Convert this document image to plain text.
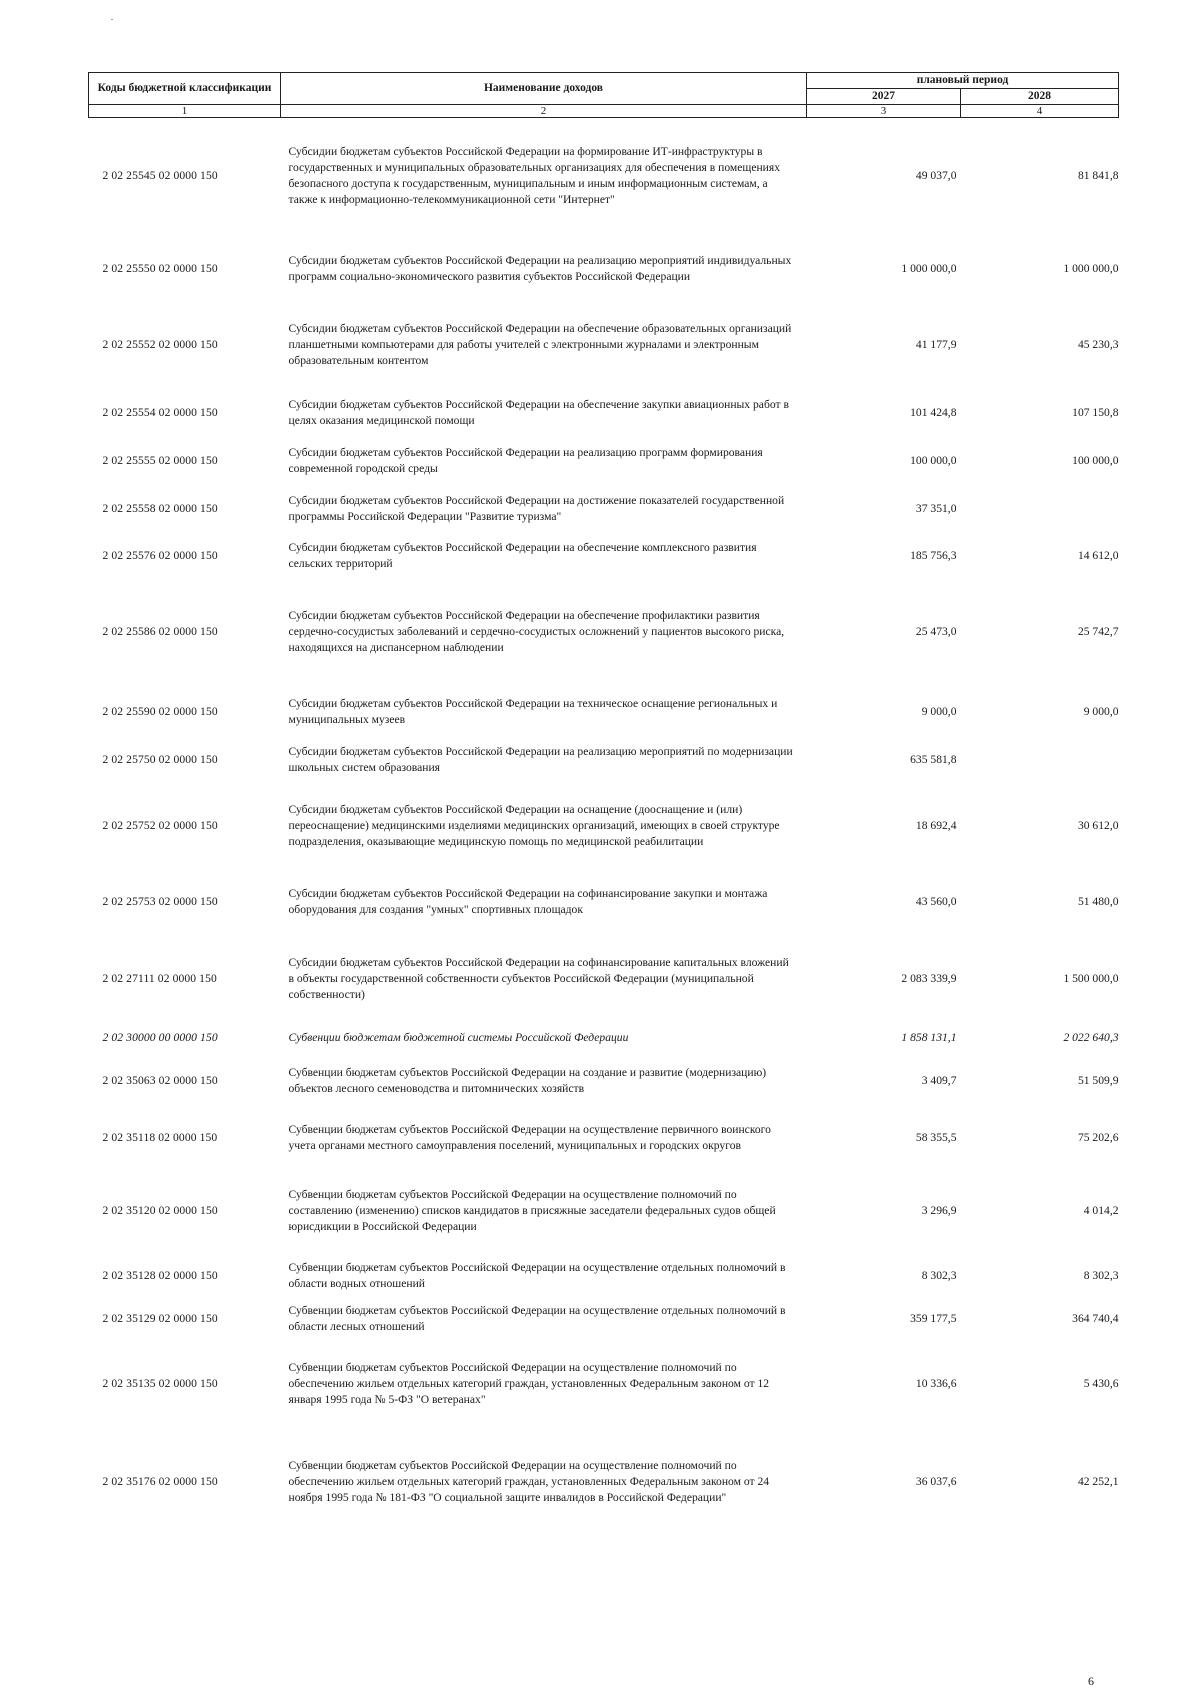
Коды бюджетной классификации	Наименование доходов	плановый период	
		2027	2028
1	2	3	4
2 02 25545 02 0000 150	Субсидии бюджетам субъектов Российской Федерации на формирование ИТ-инфраструктуры в государственных и муниципальных образовательных организациях для обеспечения в помещениях безопасного доступа к государственным, муниципальным и иным информационным системам, а также к информационно-телекоммуникационной сети "Интернет"	49 037,0	81 841,8
2 02 25550 02 0000 150	Субсидии бюджетам субъектов Российской Федерации на реализацию мероприятий индивидуальных программ социально-экономического развития субъектов Российской Федерации	1 000 000,0	1 000 000,0
2 02 25552 02 0000 150	Субсидии бюджетам субъектов Российской Федерации на обеспечение образовательных организаций планшетными компьютерами для работы учителей с электронными журналами и электронным образовательным контентом	41 177,9	45 230,3
2 02 25554 02 0000 150	Субсидии бюджетам субъектов Российской Федерации на обеспечение закупки авиационных работ в целях оказания медицинской помощи	101 424,8	107 150,8
2 02 25555 02 0000 150	Субсидии бюджетам субъектов Российской Федерации на реализацию программ формирования современной городской среды	100 000,0	100 000,0
2 02 25558 02 0000 150	Субсидии бюджетам субъектов Российской Федерации на достижение показателей государственной программы Российской Федерации "Развитие туризма"	37 351,0	
2 02 25576 02 0000 150	Субсидии бюджетам субъектов Российской Федерации на обеспечение комплексного развития сельских территорий	185 756,3	14 612,0
2 02 25586 02 0000 150	Субсидии бюджетам субъектов Российской Федерации на обеспечение профилактики развития сердечно-сосудистых заболеваний и сердечно-сосудистых осложнений у пациентов высокого риска, находящихся на диспансерном наблюдении	25 473,0	25 742,7
2 02 25590 02 0000 150	Субсидии бюджетам субъектов Российской Федерации на техническое оснащение региональных и муниципальных музеев	9 000,0	9 000,0
2 02 25750 02 0000 150	Субсидии бюджетам субъектов Российской Федерации на реализацию мероприятий по модернизации школьных систем образования	635 581,8	
2 02 25752 02 0000 150	Субсидии бюджетам субъектов Российской Федерации на оснащение (дооснащение и (или) переоснащение) медицинскими изделиями медицинских организаций, имеющих в своей структуре подразделения, оказывающие медицинскую помощь по медицинской реабилитации	18 692,4	30 612,0
2 02 25753 02 0000 150	Субсидии бюджетам субъектов Российской Федерации на софинансирование закупки и монтажа оборудования для создания "умных" спортивных площадок	43 560,0	51 480,0
2 02 27111 02 0000 150	Субсидии бюджетам субъектов Российской Федерации на софинансирование капитальных вложений в объекты государственной собственности субъектов Российской Федерации (муниципальной собственности)	2 083 339,9	1 500 000,0
2 02 30000 00 0000 150	Субвенции бюджетам бюджетной системы Российской Федерации	1 858 131,1	2 022 640,3
2 02 35063 02 0000 150	Субвенции бюджетам субъектов Российской Федерации на создание и развитие (модернизацию) объектов лесного семеноводства и питомнических хозяйств	3 409,7	51 509,9
2 02 35118 02 0000 150	Субвенции бюджетам субъектов Российской Федерации на осуществление первичного воинского учета органами местного самоуправления поселений, муниципальных и городских округов	58 355,5	75 202,6
2 02 35120 02 0000 150	Субвенции бюджетам субъектов Российской Федерации на осуществление полномочий по составлению (изменению) списков кандидатов в присяжные заседатели федеральных судов общей юрисдикции в Российской Федерации	3 296,9	4 014,2
2 02 35128 02 0000 150	Субвенции бюджетам субъектов Российской Федерации на осуществление отдельных полномочий в области водных отношений	8 302,3	8 302,3
2 02 35129 02 0000 150	Субвенции бюджетам субъектов Российской Федерации на осуществление отдельных полномочий в области лесных отношений	359 177,5	364 740,4
2 02 35135 02 0000 150	Субвенции бюджетам субъектов Российской Федерации на осуществление полномочий по обеспечению жильем отдельных категорий граждан, установленных Федеральным законом от 12 января 1995 года № 5-ФЗ "О ветеранах"	10 336,6	5 430,6
2 02 35176 02 0000 150	Субвенции бюджетам субъектов Российской Федерации на осуществление полномочий по обеспечению жильем отдельных категорий граждан, установленных Федеральным законом от 24 ноября 1995 года № 181-ФЗ "О социальной защите инвалидов в Российской Федерации"	36 037,6	42 252,1
6
